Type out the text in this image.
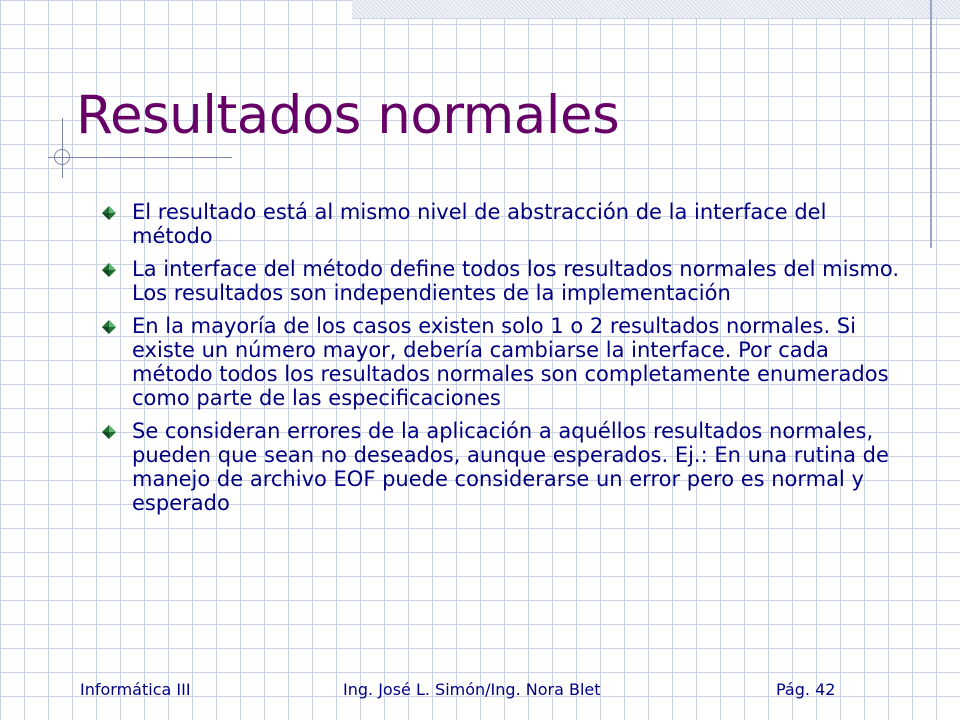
Resultados normales
El resultado está al mismo nivel de abstracción de la interface del método
La interface del método define todos los resultados normales del mismo. Los resultados son independientes de la implementación
En la mayoría de los casos existen solo 1 o 2 resultados normales. Si existe un número mayor, debería cambiarse la interface. Por cada método todos los resultados normales son completamente enumerados como parte de las especificaciones
Se consideran errores de la aplicación a aquéllos resultados normales, pueden que sean no deseados, aunque esperados. Ej.: En una rutina de manejo de archivo EOF puede considerarse un error pero es normal y esperado
Informática III	Ing. José L. Simón/Ing. Nora Blet	Pág. 42
